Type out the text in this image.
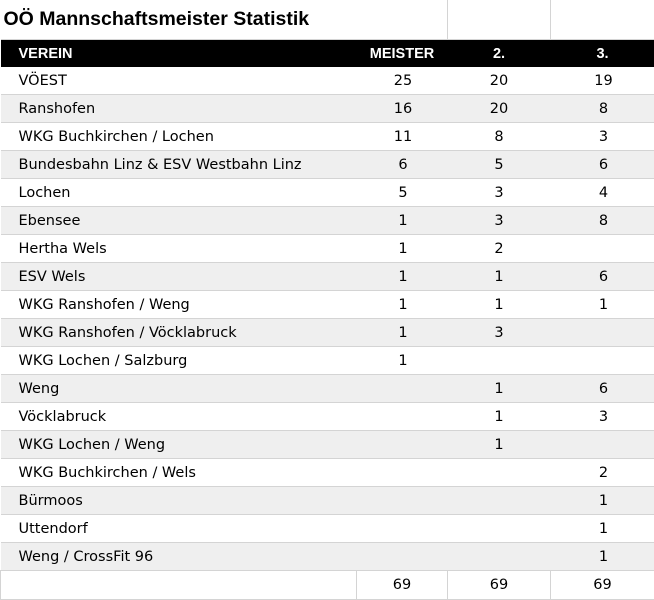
OÖ Mannschaftsmeister Statistik			
VEREIN	MEISTER	2.	3.
VÖEST	25	20	19
Ranshofen	16	20	8
WKG Buchkirchen / Lochen	11	8	3
Bundesbahn Linz & ESV Westbahn Linz	6	5	6
Lochen	5	3	4
Ebensee	1	3	8
Hertha Wels	1	2	
ESV Wels	1	1	6
WKG Ranshofen / Weng	1	1	1
WKG Ranshofen / Vöcklabruck	1	3	
WKG Lochen / Salzburg	1		
Weng		1	6
Vöcklabruck		1	3
WKG Lochen / Weng		1	
WKG Buchkirchen / Wels			2
Bürmoos			1
Uttendorf			1
Weng / CrossFit 96			1
	69	69	69
